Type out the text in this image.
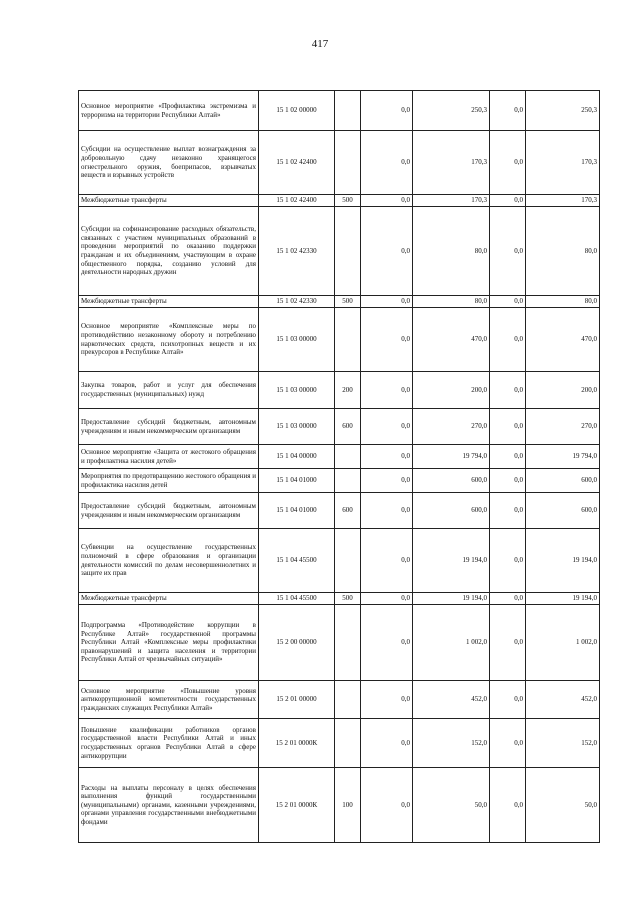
417
Основное мероприятие «Профилактика экстремизма и терроризма на территории Республики Алтай»	15 1 02 00000		0,0	250,3	0,0	250,3
Субсидии на осуществление выплат вознаграждения за добровольную сдачу незаконно хранящегося огнестрельного оружия, боеприпасов, взрывчатых веществ и взрывных устройств	15 1 02 42400		0,0	170,3	0,0	170,3
Межбюджетные трансферты	15 1 02 42400	500	0,0	170,3	0,0	170,3
Субсидии на софинансирование расходных обязательств, связанных с участием муниципальных образований в проведении мероприятий по оказанию поддержки гражданам и их объединениям, участвующим в охране общественного порядка, созданию условий для деятельности народных дружин	15 1 02 42330		0,0	80,0	0,0	80,0
Межбюджетные трансферты	15 1 02 42330	500	0,0	80,0	0,0	80,0
Основное мероприятие «Комплексные меры по противодействию незаконному обороту и потреблению наркотических средств, психотропных веществ и их прекурсоров в Республике Алтай»	15 1 03 00000		0,0	470,0	0,0	470,0
Закупка товаров, работ и услуг для обеспечения государственных (муниципальных) нужд	15 1 03 00000	200	0,0	200,0	0,0	200,0
Предоставление субсидий бюджетным, автономным учреждениям и иным некоммерческим организациям	15 1 03 00000	600	0,0	270,0	0,0	270,0
Основное мероприятие «Защита от жестокого обращения и профилактика насилия детей»	15 1 04 00000		0,0	19 794,0	0,0	19 794,0
Мероприятия по предотвращению жестокого обращения и профилактика насилия детей	15 1 04 01000		0,0	600,0	0,0	600,0
Предоставление субсидий бюджетным, автономным учреждениям и иным некоммерческим организациям	15 1 04 01000	600	0,0	600,0	0,0	600,0
Субвенции на осуществление государственных полномочий в сфере образования и организации деятельности комиссий по делам несовершеннолетних и защите их прав	15 1 04 45500		0,0	19 194,0	0,0	19 194,0
Межбюджетные трансферты	15 1 04 45500	500	0,0	19 194,0	0,0	19 194,0
Подпрограмма «Противодействие коррупции в Республике Алтай» государственной программы Республики Алтай «Комплексные меры профилактики правонарушений и защита населения и территории Республики Алтай от чрезвычайных ситуаций»	15 2 00 00000		0,0	1 002,0	0,0	1 002,0
Основное мероприятие «Повышение уровня антикоррупционной компетентности государственных гражданских служащих Республики Алтай»	15 2 01 00000		0,0	452,0	0,0	452,0
Повышение квалификации работников органов государственной власти Республики Алтай и иных государственных органов Республики Алтай в сфере антикоррупции	15 2 01 0000К		0,0	152,0	0,0	152,0
Расходы на выплаты персоналу в целях обеспечения выполнения функций государственными (муниципальными) органами, казенными учреждениями, органами управления государственными внебюджетными фондами	15 2 01 0000К	100	0,0	50,0	0,0	50,0
